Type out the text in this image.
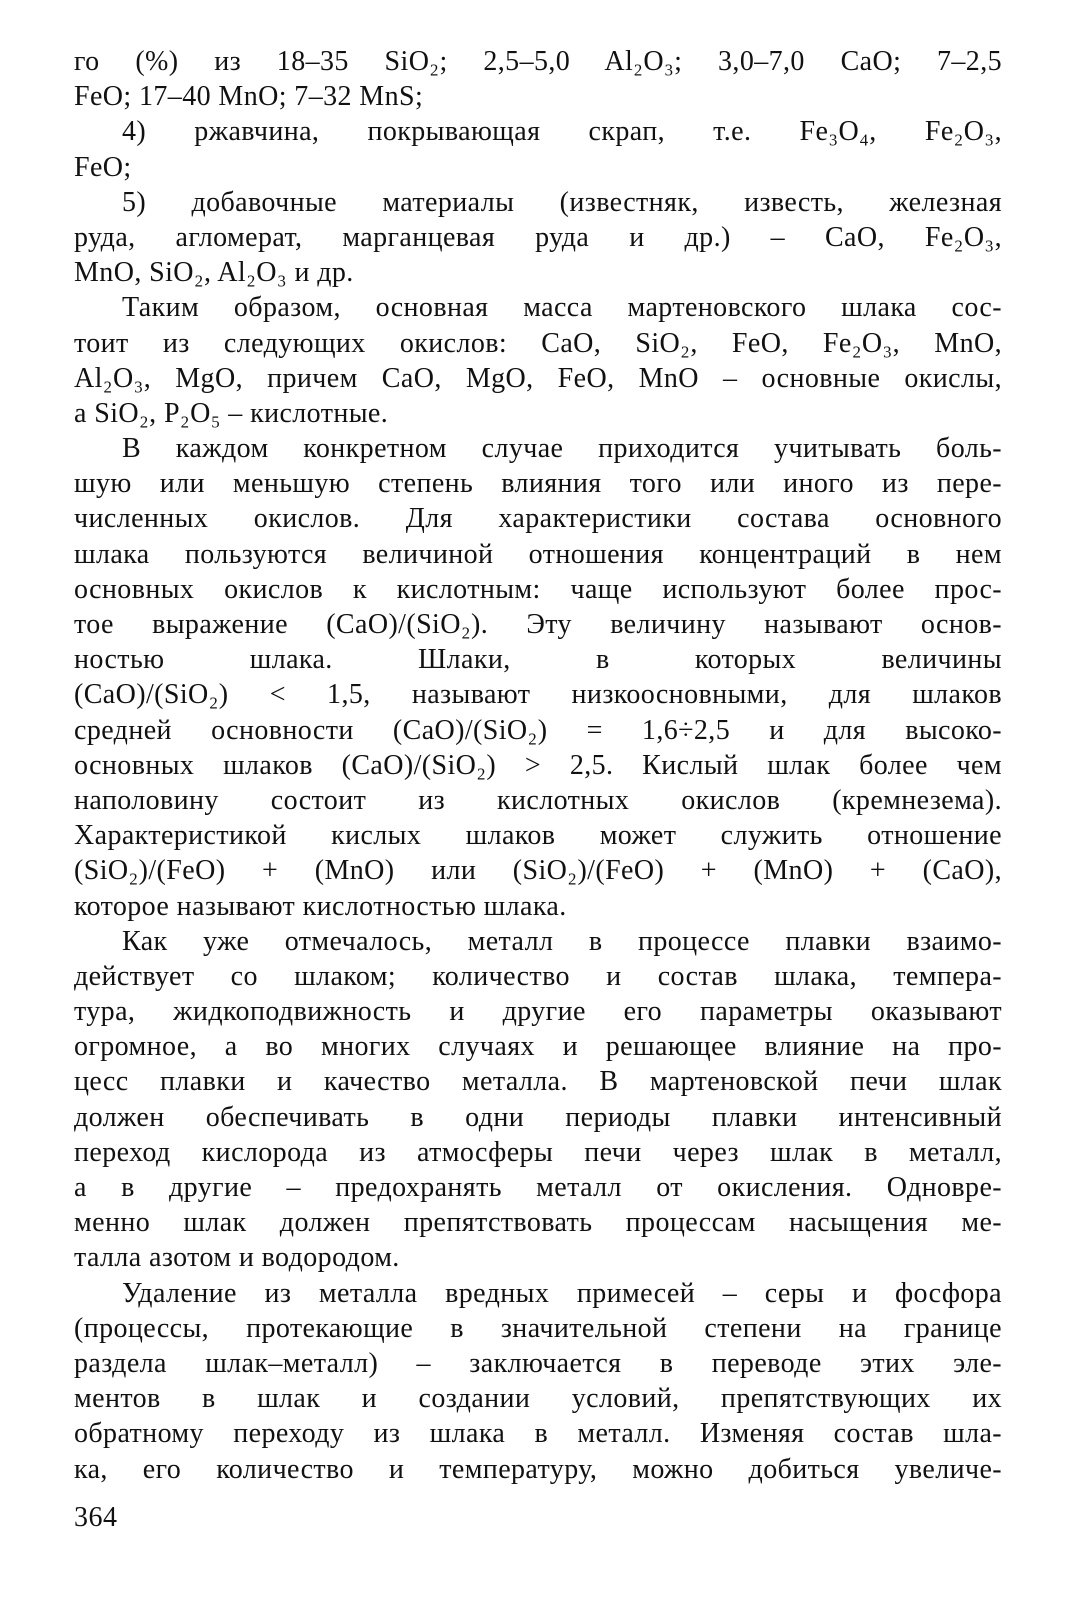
го (%) из 18–35 SiO₂; 2,5–5,0 Al₂O₃; 3,0–7,0 CaO; 7–2,5
FeO; 17–40 MnO; 7–32 MnS;
4) ржавчина, покрывающая скрап, т.е. Fe₃O₄, Fe₂O₃,
FeO;
5) добавочные материалы (известняк, известь, железная
руда, агломерат, марганцевая руда и др.) – CaO, Fe₂O₃,
MnO, SiO₂, Al₂O₃ и др.
Таким образом, основная масса мартеновского шлака сос-
тоит из следующих окислов: CaO, SiO₂, FeO, Fe₂O₃, MnO,
Al₂O₃, MgO, причем CaO, MgO, FeO, MnO – основные окислы,
а SiO₂, P₂O₅ – кислотные.
В каждом конкретном случае приходится учитывать боль-
шую или меньшую степень влияния того или иного из пере-
численных окислов. Для характеристики состава основного
шлака пользуются величиной отношения концентраций в нем
основных окислов к кислотным: чаще используют более прос-
тое выражение (CaO)/(SiO₂). Эту величину называют основ-
ностью шлака. Шлаки, в которых величины
(CaO)/(SiO₂) < 1,5, называют низкоосновными, для шлаков
средней основности (CaO)/(SiO₂) = 1,6÷2,5 и для высоко-
основных шлаков (CaO)/(SiO₂) > 2,5. Кислый шлак более чем
наполовину состоит из кислотных окислов (кремнезема).
Характеристикой кислых шлаков может служить отношение
(SiO₂)/(FeO) + (MnO) или (SiO₂)/(FeO) + (MnO) + (CaO),
которое называют кислотностью шлака.
Как уже отмечалось, металл в процессе плавки взаимо-
действует со шлаком; количество и состав шлака, темпера-
тура, жидкоподвижность и другие его параметры оказывают
огромное, а во многих случаях и решающее влияние на про-
цесс плавки и качество металла. В мартеновской печи шлак
должен обеспечивать в одни периоды плавки интенсивный
переход кислорода из атмосферы печи через шлак в металл,
а в другие – предохранять металл от окисления. Одновре-
менно шлак должен препятствовать процессам насыщения ме-
талла азотом и водородом.
Удаление из металла вредных примесей – серы и фосфора
(процессы, протекающие в значительной степени на границе
раздела шлак–металл) – заключается в переводе этих эле-
ментов в шлак и создании условий, препятствующих их
обратному переходу из шлака в металл. Изменяя состав шла-
ка, его количество и температуру, можно добиться увеличе-
364
